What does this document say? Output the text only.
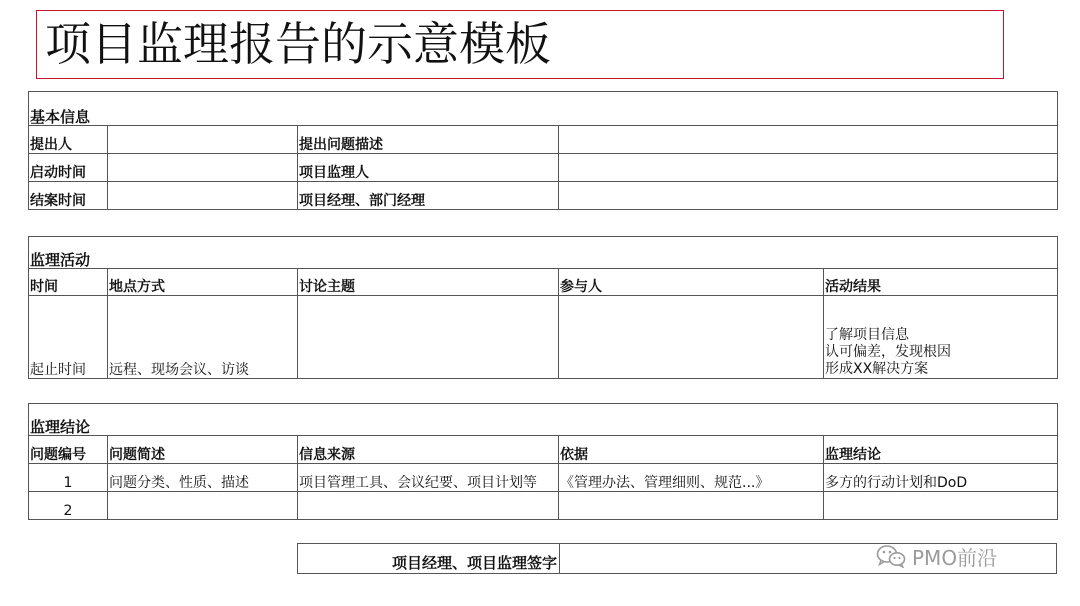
项目监理报告的示意模板
基本信息			
提出人		提出问题描述	
启动时间		项目监理人	
结案时间		项目经理、部门经理	
监理活动				
时间	地点方式	讨论主题	参与人	活动结果
起止时间	远程、现场会议、访谈			了解项目信息
认可偏差，发现根因
形成XX解决方案
监理结论				
问题编号	问题简述	信息来源	依据	监理结论
1	问题分类、性质、描述	项目管理工具、会议纪要、项目计划等	《管理办法、管理细则、规范...》	多方的行动计划和DoD
2				
项目经理、项目监理签字	PMO前沿
